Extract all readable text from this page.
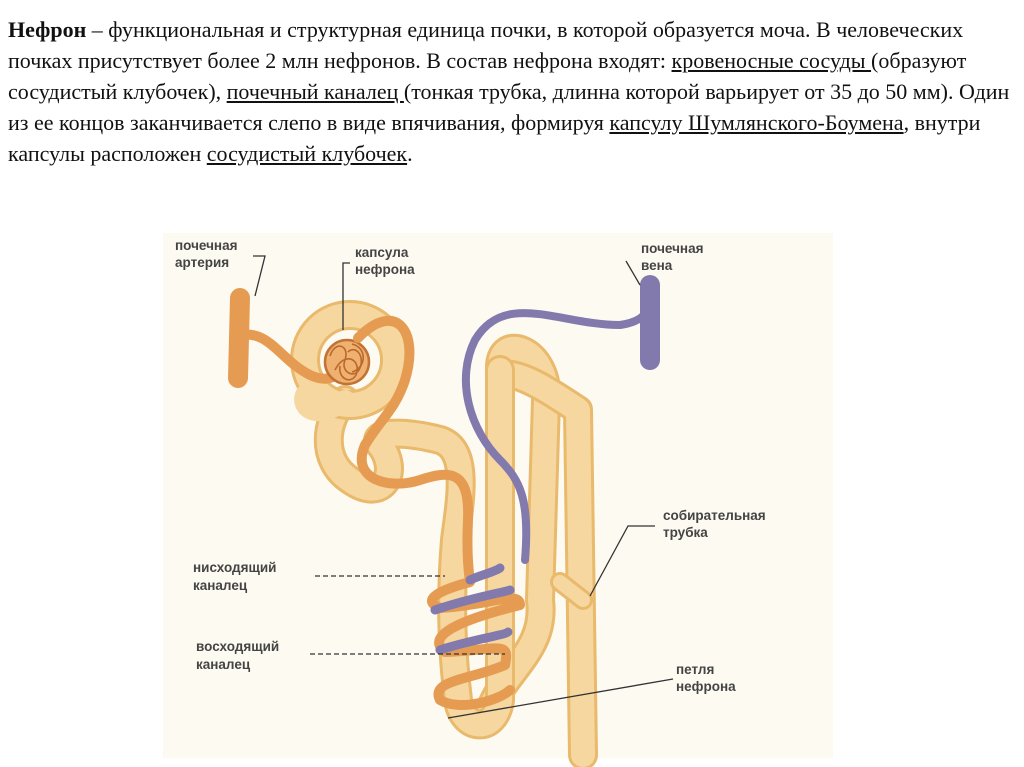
Нефрон – функциональная и структурная единица почки, в которой образуется моча. В человеческих почках присутствует более 2 млн нефронов. В состав нефрона входят: кровеносные сосуды (образуют сосудистый клубочек), почечный каналец (тонкая трубка, длинна которой варьирует от 35 до 50 мм). Один из ее концов заканчивается слепо в виде впячивания, формируя капсулу Шумлянского-Боумена, внутри капсулы расположен сосудистый клубочек.
почечная артерия
капсула нефрона
почечная вена
собирательная трубка
нисходящий каналец
восходящий каналец	петля нефрона
